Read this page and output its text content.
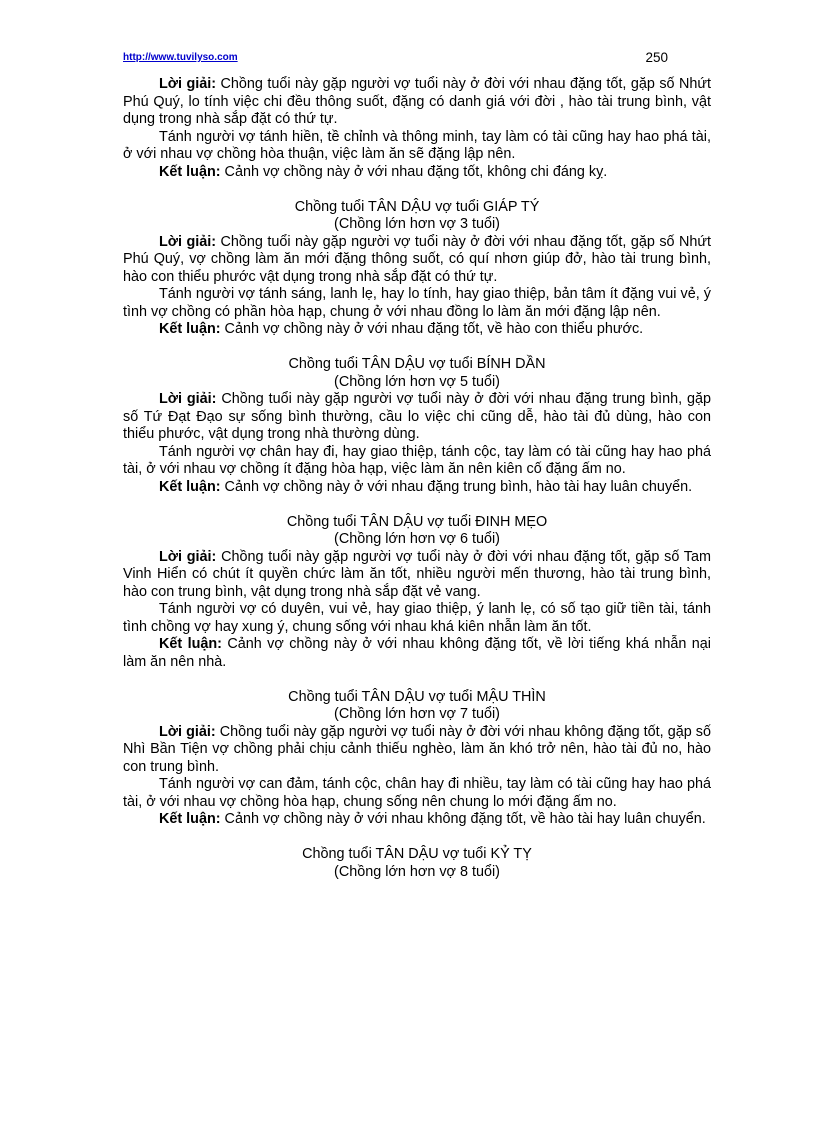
http://www.tuvilyso.com	250

Lời giải: Chồng tuổi này gặp người vợ tuổi này ở đời với nhau đặng tốt, gặp số Nhứt Phú Quý, lo tính việc chi đều thông suốt, đặng có danh giá với đời , hào tài trung bình, vật dụng trong nhà sắp đặt có thứ tự.

Tánh người vợ tánh hiền, tề chỉnh và thông minh, tay làm có tài cũng hay hao phá tài, ở với nhau vợ chồng hòa thuận, việc làm ăn sẽ đặng lập nên.

Kết luận: Cảnh vợ chồng này ở với nhau đặng tốt, không chi đáng kỵ.

Chồng tuổi TÂN DẬU vợ tuổi GIÁP TÝ

(Chồng lớn hơn vợ 3 tuổi)

Lời giải: Chồng tuổi này gặp người vợ tuổi này ở đời với nhau đặng tốt, gặp số Nhứt Phú Quý, vợ chồng làm ăn mới đặng thông suốt, có quí nhơn giúp đở, hào tài trung bình, hào con thiểu phước vật dụng trong nhà sắp đặt có thứ tự.

Tánh người vợ tánh sáng, lanh lẹ, hay lo tính, hay giao thiệp, bản tâm ít đặng vui vẻ, ý tình vợ chồng có phần hòa hạp, chung ở với nhau đồng lo làm ăn mới đặng lập nên.

Kết luận: Cảnh vợ chồng này ở với nhau đặng tốt, về hào con thiểu phước.

Chồng tuổi TÂN DẬU vợ tuổi BÍNH DẦN

(Chồng lớn hơn vợ 5 tuổi)

Lời giải: Chồng tuổi này gặp người vợ tuổi này ở đời với nhau đặng trung bình, gặp số Tứ Đạt Đạo sự sống bình thường, cầu lo việc chi cũng dễ, hào tài đủ dùng, hào con thiểu phước, vật dụng trong nhà thường dùng.

Tánh người vợ chân hay đi, hay giao thiệp, tánh cộc, tay làm có tài cũng hay hao phá tài, ở với nhau vợ chồng ít đặng hòa hạp, việc làm ăn nên kiên cố đặng ấm no.

Kết luận: Cảnh vợ chồng này ở với nhau đặng trung bình, hào tài hay luân chuyển.

Chồng tuổi TÂN DẬU vợ tuổi ĐINH MẸO

(Chồng lớn hơn vợ 6 tuổi)

Lời giải: Chồng tuổi này gặp người vợ tuổi này ở đời với nhau đặng tốt, gặp số Tam Vinh Hiển có chút ít quyền chức làm ăn tốt, nhiều người mến thương, hào tài trung bình, hào con trung bình, vật dụng trong nhà sắp đặt vẻ vang.

Tánh người vợ có duyên, vui vẻ, hay giao thiệp, ý lanh lẹ, có số tạo giữ tiền tài, tánh tình chồng vợ hay xung ý, chung sống với nhau khá kiên nhẫn làm ăn tốt.

Kết luận: Cảnh vợ chồng này ở với nhau không đặng tốt, về lời tiếng khá nhẫn nại làm ăn nên nhà.

Chồng tuổi TÂN DẬU vợ tuổi MẬU THÌN

(Chồng lớn hơn vợ 7 tuổi)

Lời giải: Chồng tuổi này gặp người vợ tuổi này ở đời với nhau không đặng tốt, gặp số Nhì Bần Tiện vợ chồng phải chịu cảnh thiếu nghèo, làm ăn khó trở nên, hào tài đủ no, hào con trung bình.

Tánh người vợ can đảm, tánh cộc, chân hay đi nhiều, tay làm có tài cũng hay hao phá tài, ở với nhau vợ chồng hòa hạp, chung sống nên chung lo mới đặng ấm no.

Kết luận: Cảnh vợ chồng này ở với nhau không đặng tốt, về hào tài hay luân chuyển.

Chồng tuổi TÂN DẬU vợ tuổi KỶ TỴ

(Chồng lớn hơn vợ 8 tuổi)
